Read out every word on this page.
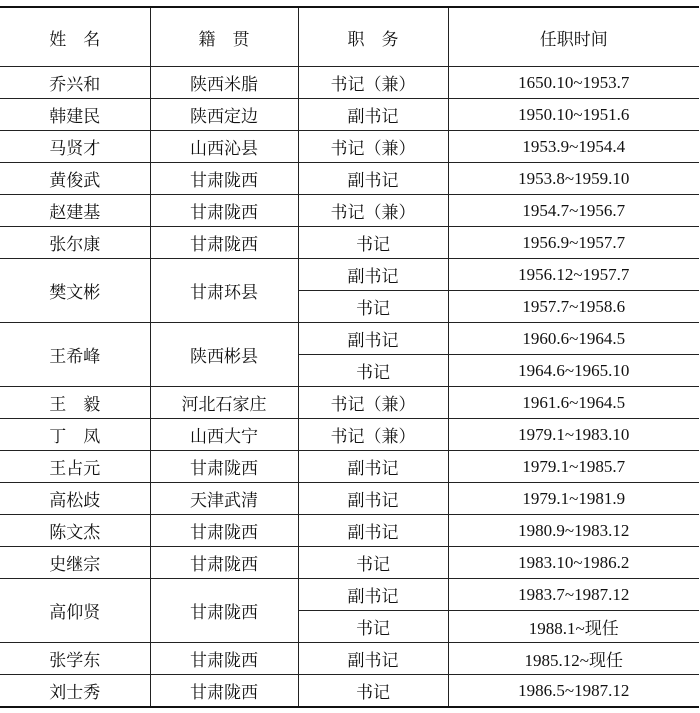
姓　名	籍　贯	职　务	任职时间
乔兴和	陕西米脂	书记（兼）	1650.10~1953.7
韩建民	陕西定边	副书记	1950.10~1951.6
马贤才	山西沁县	书记（兼）	1953.9~1954.4
黄俊武	甘肃陇西	副书记	1953.8~1959.10
赵建基	甘肃陇西	书记（兼）	1954.7~1956.7
张尔康	甘肃陇西	书记	1956.9~1957.7
樊文彬	甘肃环县	副书记	1956.12~1957.7
		书记	1957.7~1958.6
王希峰	陕西彬县	副书记	1960.6~1964.5
		书记	1964.6~1965.10
王　毅	河北石家庄	书记（兼）	1961.6~1964.5
丁　凤	山西大宁	书记（兼）	1979.1~1983.10
王占元	甘肃陇西	副书记	1979.1~1985.7
高松歧	天津武清	副书记	1979.1~1981.9
陈文杰	甘肃陇西	副书记	1980.9~1983.12
史继宗	甘肃陇西	书记	1983.10~1986.2
高仰贤	甘肃陇西	副书记	1983.7~1987.12
		书记	1988.1~现任
张学东	甘肃陇西	副书记	1985.12~现任
刘士秀	甘肃陇西	书记	1986.5~1987.12
